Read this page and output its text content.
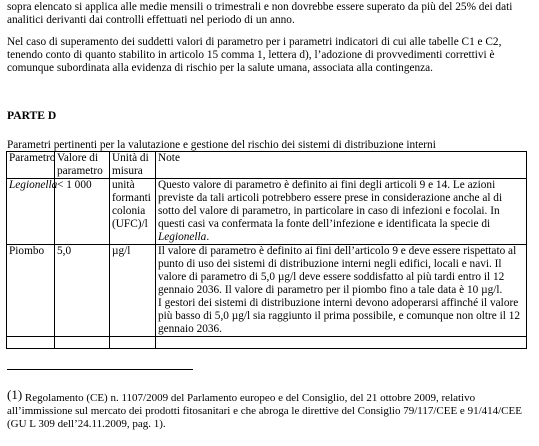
sopra elencato si applica alle medie mensili o trimestrali e non dovrebbe essere superato da più del 25% dei dati analitici derivanti dai controlli effettuati nel periodo di un anno.

Nel caso di superamento dei suddetti valori di parametro per i parametri indicatori di cui alle tabelle C1 e C2, tenendo conto di quanto stabilito in articolo 15 comma 1, lettera d), l’adozione di provvedimenti correttivi è comunque subordinata alla evidenza di rischio per la salute umana, associata alla contingenza.

PARTE D

Parametri pertinenti per la valutazione e gestione del rischio dei sistemi di distribuzione interni

Parametro	Valore di parametro	Unità di misura	Note
Legionella	< 1 000	unità formanti colonia (UFC)/l	Questo valore di parametro è definito ai fini degli articoli 9 e 14. Le azioni previste da tali articoli potrebbero essere prese in considerazione anche al di sotto del valore di parametro, in particolare in caso di infezioni e focolai. In questi casi va confermata la fonte dell’infezione e identificata la specie di Legionella.
Piombo	5,0	µg/l	Il valore di parametro è definito ai fini dell’articolo 9 e deve essere rispettato al punto di uso dei sistemi di distribuzione interni negli edifici, locali e navi. Il valore di parametro di 5,0 µg/l deve essere soddisfatto al più tardi entro il 12 gennaio 2036. Il valore di parametro per il piombo fino a tale data è 10 µg/l.

I gestori dei sistemi di distribuzione interni devono adoperarsi affinché il valore più basso di 5,0 µg/l sia raggiunto il prima possibile, e comunque non oltre il 12 gennaio 2036.

(1) Regolamento (CE) n. 1107/2009 del Parlamento europeo e del Consiglio, del 21 ottobre 2009, relativo all’immissione sul mercato dei prodotti fitosanitari e che abroga le direttive del Consiglio 79/117/CEE e 91/414/CEE (GU L 309 dell’24.11.2009, pag. 1).
